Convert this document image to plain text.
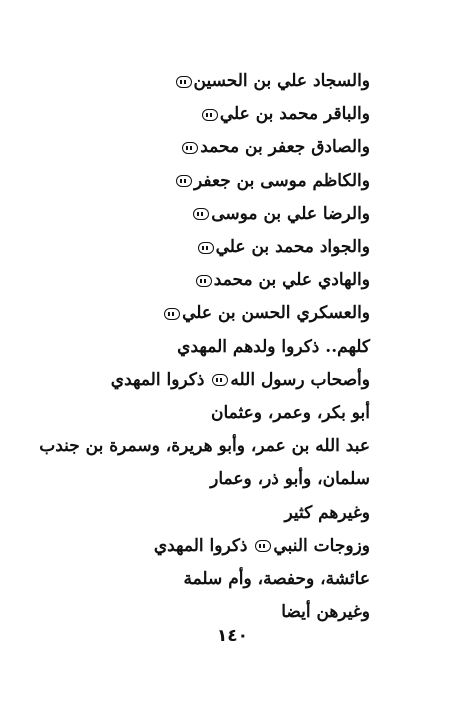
والسجاد علي بن الحسين
والباقر محمد بن علي
والصادق جعفر بن محمد
والكاظم موسى بن جعفر
والرضا علي بن موسى
والجواد محمد بن علي
والهادي علي بن محمد
والعسكري الحسن بن علي
كلهم.. ذكروا ولدهم المهدي
وأصحاب رسول الله ذكروا المهدي
أبو بكر، وعمر، وعثمان
عبد الله بن عمر، وأبو هريرة، وسمرة بن جندب
سلمان، وأبو ذر، وعمار
وغيرهم كثير
وزوجات النبي ذكروا المهدي
عائشة، وحفصة، وأم سلمة
وغيرهن أيضا
١٤٠
